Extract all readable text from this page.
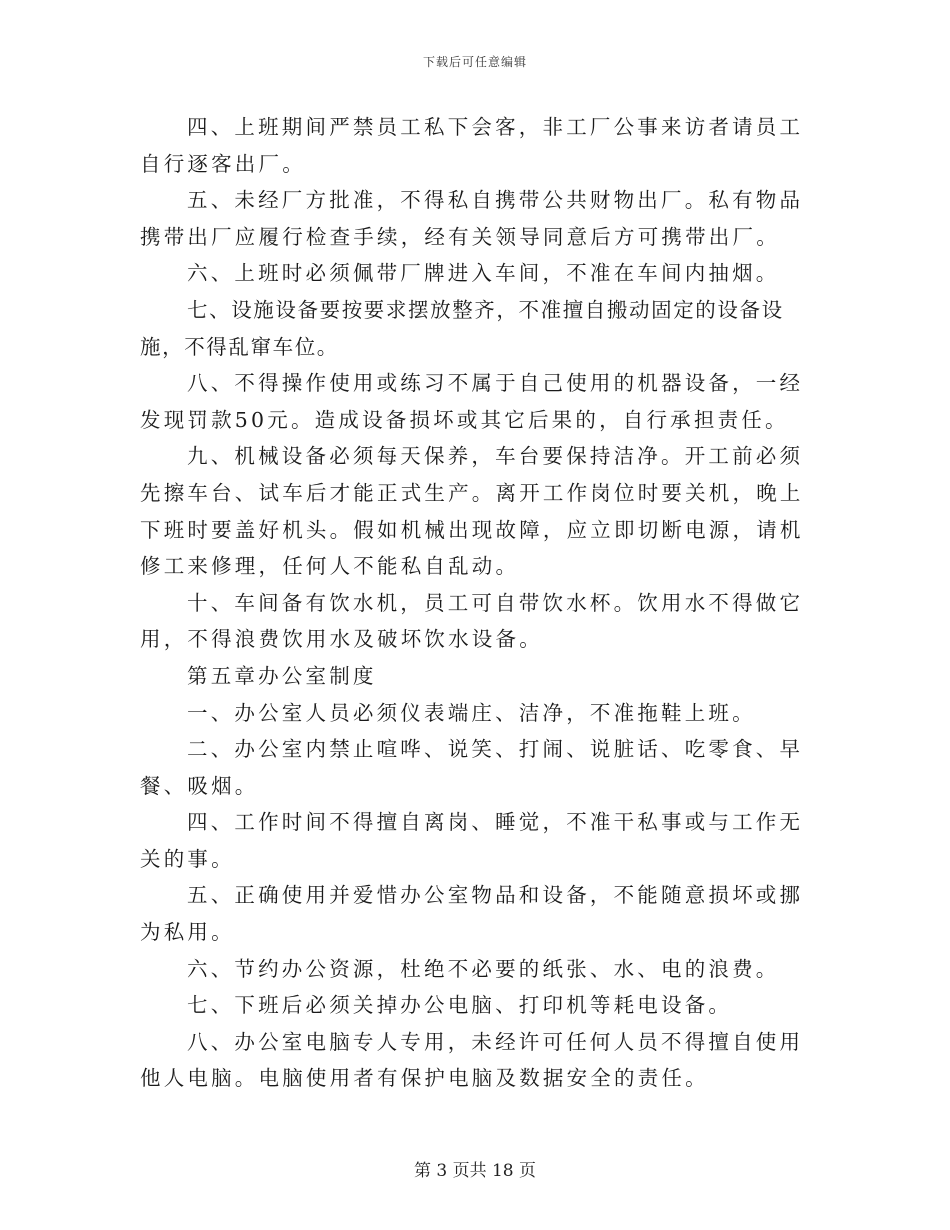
下载后可任意编辑

四、上班期间严禁员工私下会客，非工厂公事来访者请员工自行逐客出厂。

五、未经厂方批准，不得私自携带公共财物出厂。私有物品携带出厂应履行检查手续，经有关领导同意后方可携带出厂。

六、上班时必须佩带厂牌进入车间，不准在车间内抽烟。

七、设施设备要按要求摆放整齐，不准擅自搬动固定的设备设施，不得乱窜车位。

八、不得操作使用或练习不属于自己使用的机器设备，一经发现罚款50元。造成设备损坏或其它后果的，自行承担责任。

九、机械设备必须每天保养，车台要保持洁净。开工前必须先擦车台、试车后才能正式生产。离开工作岗位时要关机，晚上下班时要盖好机头。假如机械出现故障，应立即切断电源，请机修工来修理，任何人不能私自乱动。

十、车间备有饮水机，员工可自带饮水杯。饮用水不得做它用，不得浪费饮用水及破坏饮水设备。

第五章办公室制度

一、办公室人员必须仪表端庄、洁净，不准拖鞋上班。

二、办公室内禁止喧哗、说笑、打闹、说脏话、吃零食、早餐、吸烟。

四、工作时间不得擅自离岗、睡觉，不准干私事或与工作无关的事。

五、正确使用并爱惜办公室物品和设备，不能随意损坏或挪为私用。

六、节约办公资源，杜绝不必要的纸张、水、电的浪费。

七、下班后必须关掉办公电脑、打印机等耗电设备。

八、办公室电脑专人专用，未经许可任何人员不得擅自使用他人电脑。电脑使用者有保护电脑及数据安全的责任。

第 3 页共 18 页
